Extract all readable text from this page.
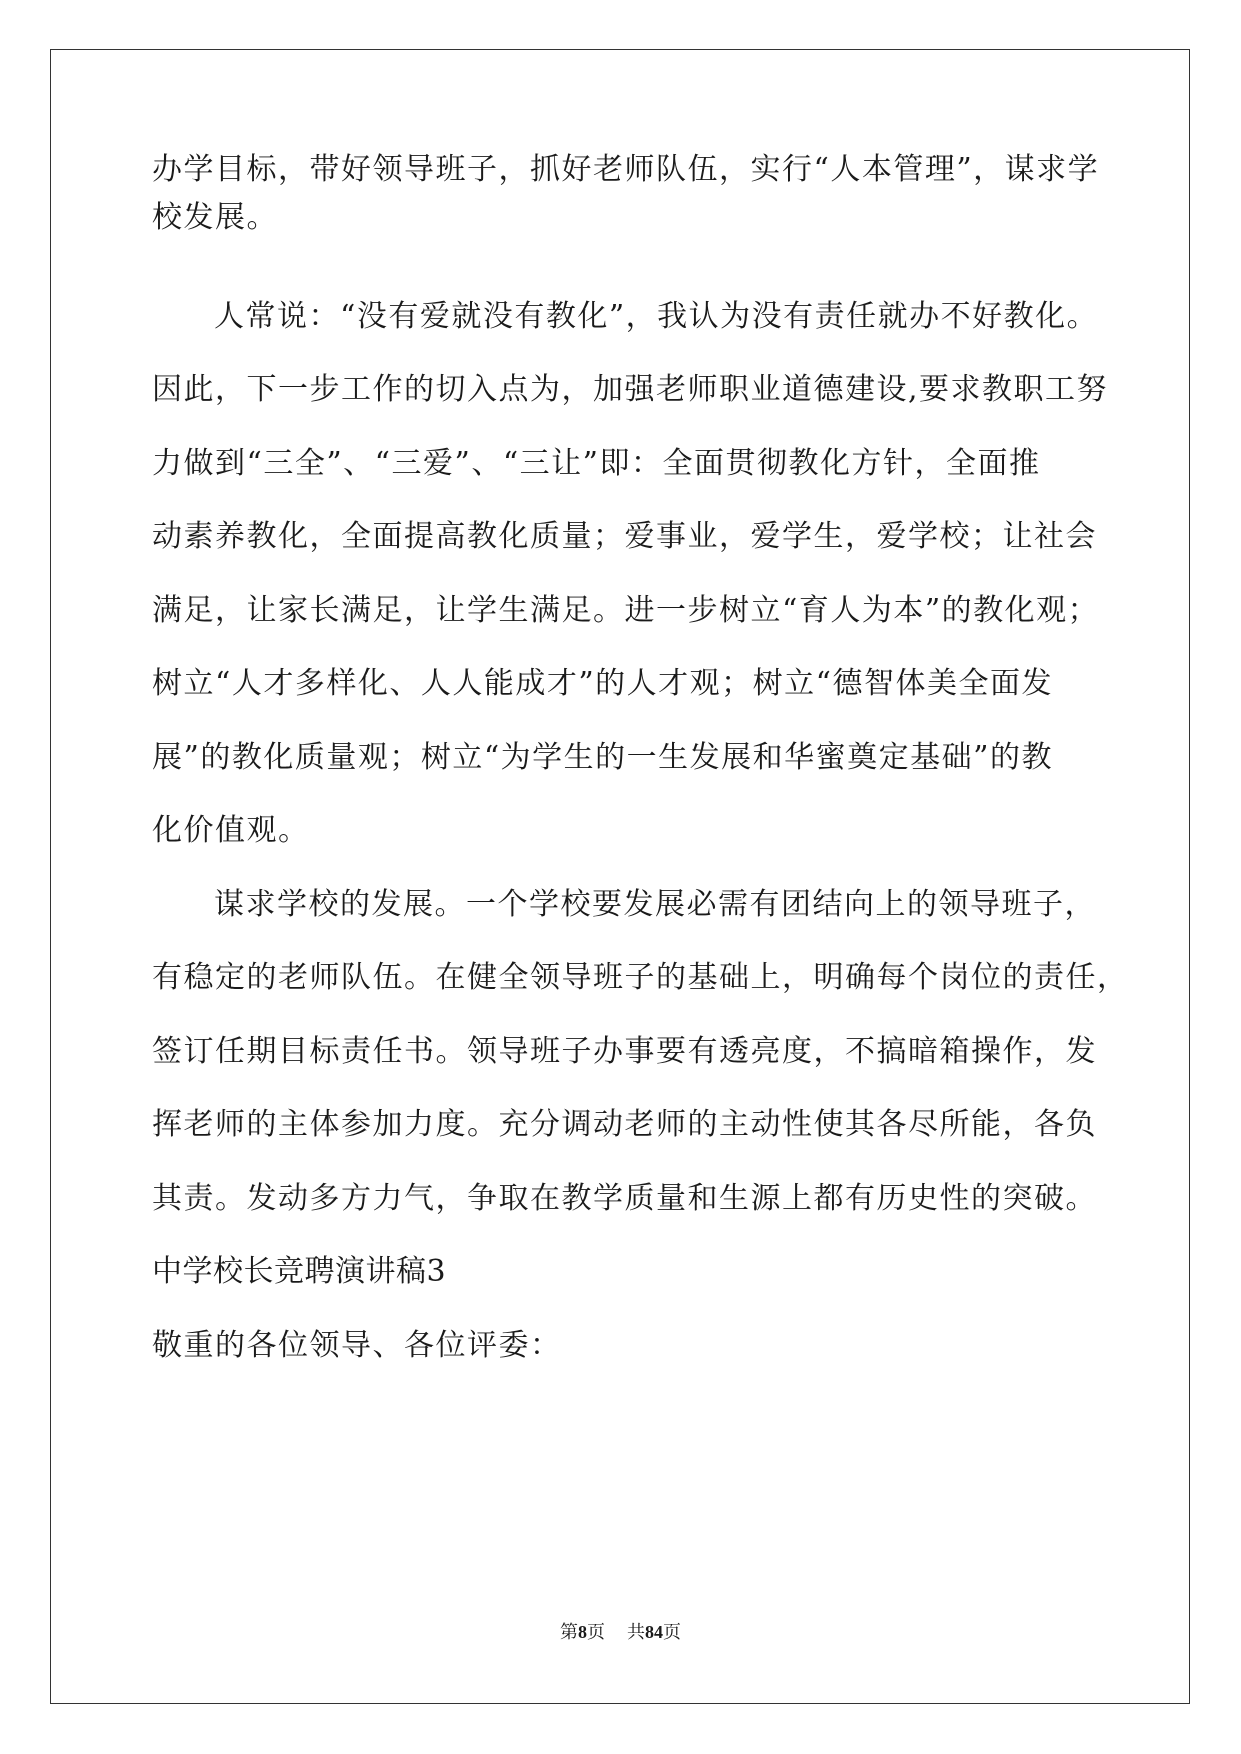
办学目标，带好领导班子，抓好老师队伍，实行“人本管理”，谋求学
校发展。
人常说：“没有爱就没有教化”，我认为没有责任就办不好教化。
因此，下一步工作的切入点为，加强老师职业道德建设,要求教职工努
力做到“三全”、“三爱”、“三让”即：全面贯彻教化方针，全面推
动素养教化，全面提高教化质量；爱事业，爱学生，爱学校；让社会
满足，让家长满足，让学生满足。进一步树立“育人为本”的教化观；
树立“人才多样化、人人能成才”的人才观；树立“德智体美全面发
展”的教化质量观；树立“为学生的一生发展和华蜜奠定基础”的教
化价值观。
谋求学校的发展。一个学校要发展必需有团结向上的领导班子，
有稳定的老师队伍。在健全领导班子的基础上，明确每个岗位的责任，
签订任期目标责任书。领导班子办事要有透亮度，不搞暗箱操作，发
挥老师的主体参加力度。充分调动老师的主动性使其各尽所能，各负
其责。发动多方力气，争取在教学质量和生源上都有历史性的突破。
中学校长竞聘演讲稿3
敬重的各位领导、各位评委：
第8页 共84页
